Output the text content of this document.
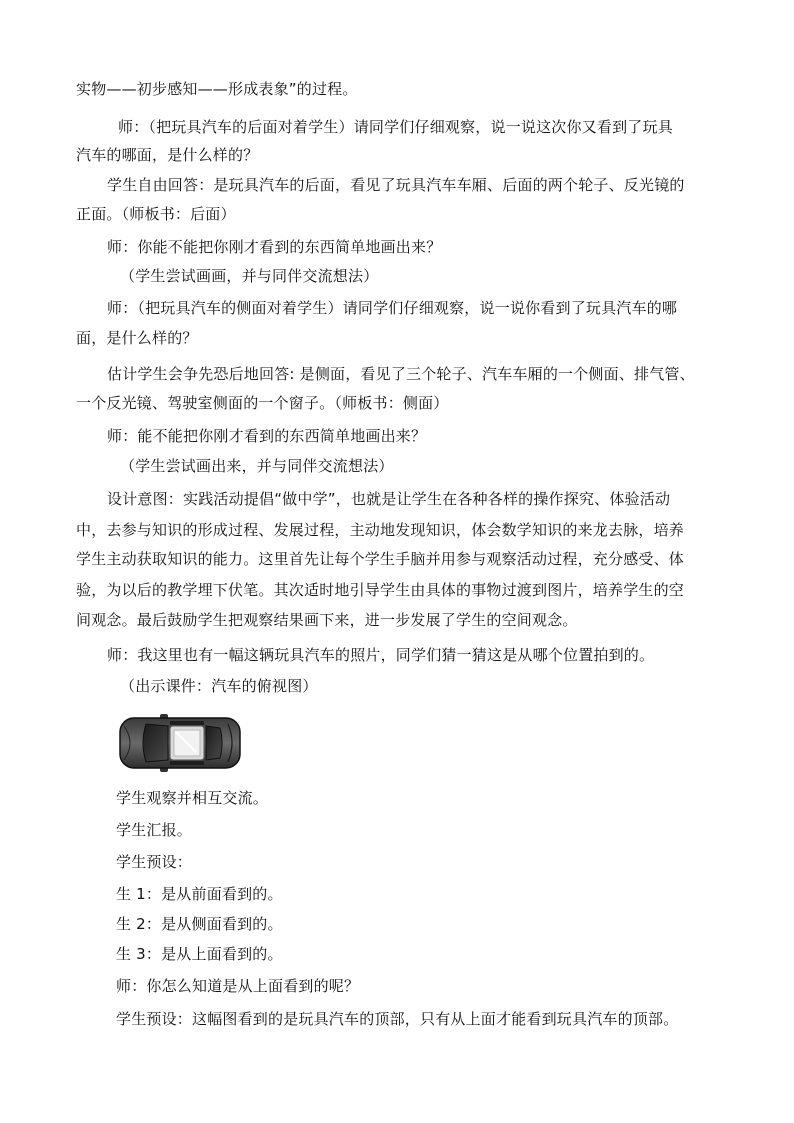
实物——初步感知——形成表象”的过程。
师：（把玩具汽车的后面对着学生）请同学们仔细观察，说一说这次你又看到了玩具
汽车的哪面，是什么样的？
学生自由回答：是玩具汽车的后面，看见了玩具汽车车厢、后面的两个轮子、反光镜的
正面。（师板书：后面）
师：你能不能把你刚才看到的东西简单地画出来？
（学生尝试画画，并与同伴交流想法）
师：（把玩具汽车的侧面对着学生）请同学们仔细观察，说一说你看到了玩具汽车的哪
面，是什么样的？
估计学生会争先恐后地回答: 是侧面，看见了三个轮子、汽车车厢的一个侧面、排气管、
一个反光镜、驾驶室侧面的一个窗子。（师板书：侧面）
师：能不能把你刚才看到的东西简单地画出来？
（学生尝试画出来，并与同伴交流想法）
设计意图：实践活动提倡“做中学”，也就是让学生在各种各样的操作探究、体验活动
中，去参与知识的形成过程、发展过程，主动地发现知识，体会数学知识的来龙去脉，培养
学生主动获取知识的能力。这里首先让每个学生手脑并用参与观察活动过程，充分感受、体
验，为以后的教学埋下伏笔。其次适时地引导学生由具体的事物过渡到图片，培养学生的空
间观念。最后鼓励学生把观察结果画下来，进一步发展了学生的空间观念。
师：我这里也有一幅这辆玩具汽车的照片，同学们猜一猜这是从哪个位置拍到的。
（出示课件：汽车的俯视图）
学生观察并相互交流。
学生汇报。
学生预设：
生 1：是从前面看到的。
生 2：是从侧面看到的。
生 3：是从上面看到的。
师：你怎么知道是从上面看到的呢？
学生预设：这幅图看到的是玩具汽车的顶部，只有从上面才能看到玩具汽车的顶部。
